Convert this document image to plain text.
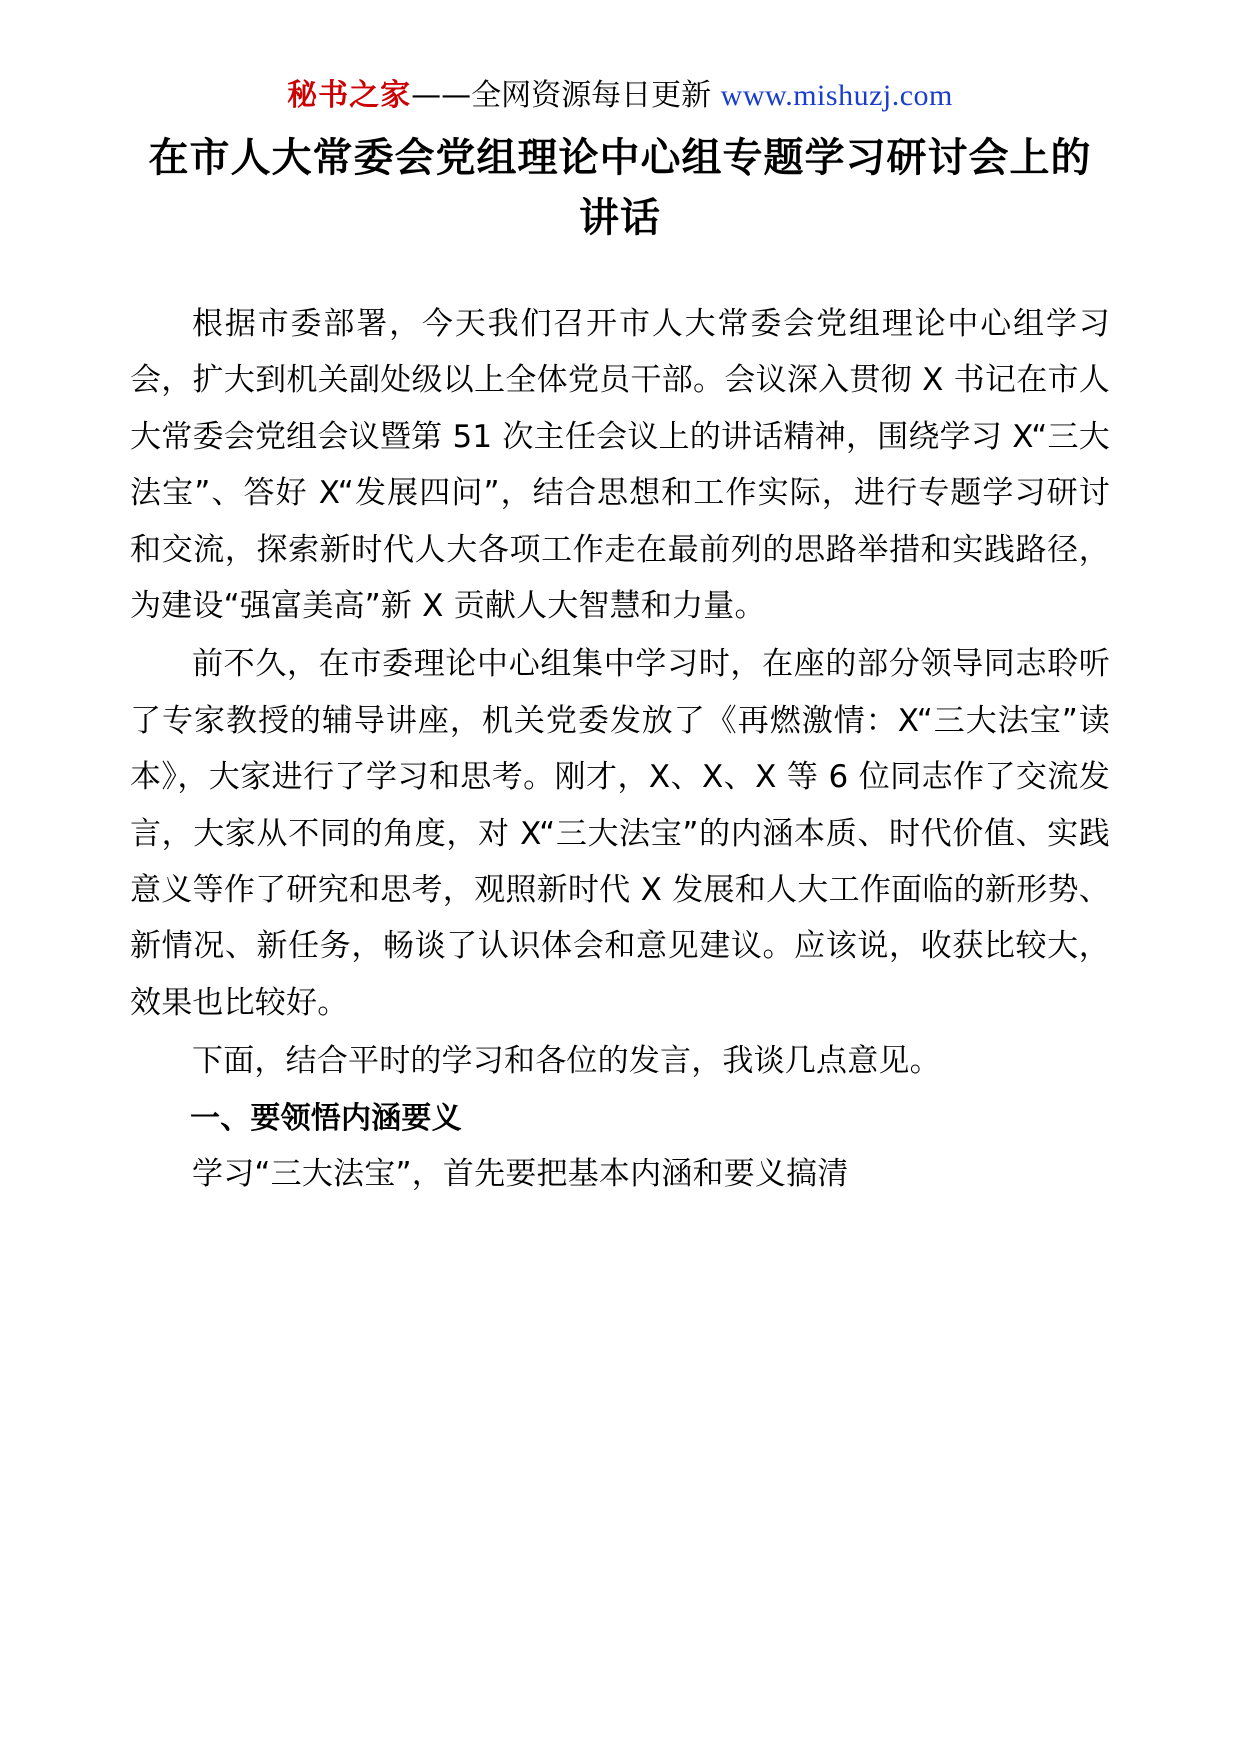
秘书之家——全网资源每日更新 www.mishuzj.com
在市人大常委会党组理论中心组专题学习研讨会上的讲话

根据市委部署，今天我们召开市人大常委会党组理论中心组学习会，扩大到机关副处级以上全体党员干部。会议深入贯彻 X 书记在市人大常委会党组会议暨第 51 次主任会议上的讲话精神，围绕学习 X“三大法宝”、答好 X“发展四问”，结合思想和工作实际，进行专题学习研讨和交流，探索新时代人大各项工作走在最前列的思路举措和实践路径，为建设“强富美高”新 X 贡献人大智慧和力量。

前不久，在市委理论中心组集中学习时，在座的部分领导同志聆听了专家教授的辅导讲座，机关党委发放了《再燃激情：X“三大法宝”读本》，大家进行了学习和思考。刚才，X、X、X 等 6 位同志作了交流发言，大家从不同的角度，对 X“三大法宝”的内涵本质、时代价值、实践意义等作了研究和思考，观照新时代 X 发展和人大工作面临的新形势、新情况、新任务，畅谈了认识体会和意见建议。应该说，收获比较大，效果也比较好。

下面，结合平时的学习和各位的发言，我谈几点意见。

一、要领悟内涵要义

学习“三大法宝”，首先要把基本内涵和要义搞清
